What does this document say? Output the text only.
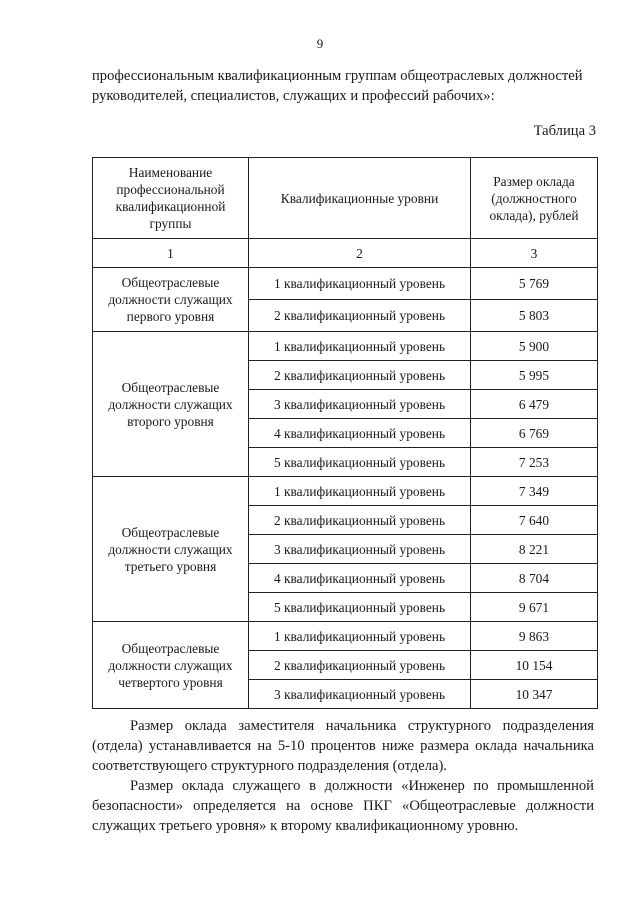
9

профессиональным квалификационным группам общеотраслевых должностей руководителей, специалистов, служащих и профессий рабочих»:

Таблица 3

Наименование профессиональной квалификационной группы	Квалификационные уровни	Размер оклада (должностного оклада), рублей
1	2	3
Общеотраслевые должности служащих первого уровня	1 квалификационный уровень	5 769
	2 квалификационный уровень	5 803
Общеотраслевые должности служащих второго уровня	1 квалификационный уровень	5 900
	2 квалификационный уровень	5 995
	3 квалификационный уровень	6 479
	4 квалификационный уровень	6 769
	5 квалификационный уровень	7 253
Общеотраслевые должности служащих третьего уровня	1 квалификационный уровень	7 349
	2 квалификационный уровень	7 640
	3 квалификационный уровень	8 221
	4 квалификационный уровень	8 704
	5 квалификационный уровень	9 671
Общеотраслевые должности служащих четвертого уровня	1 квалификационный уровень	9 863
	2 квалификационный уровень	10 154
	3 квалификационный уровень	10 347

Размер оклада заместителя начальника структурного подразделения (отдела) устанавливается на 5-10 процентов ниже размера оклада начальника соответствующего структурного подразделения (отдела).

Размер оклада служащего в должности «Инженер по промышленной безопасности» определяется на основе ПКГ «Общеотраслевые должности служащих третьего уровня» к второму квалификационному уровню.
